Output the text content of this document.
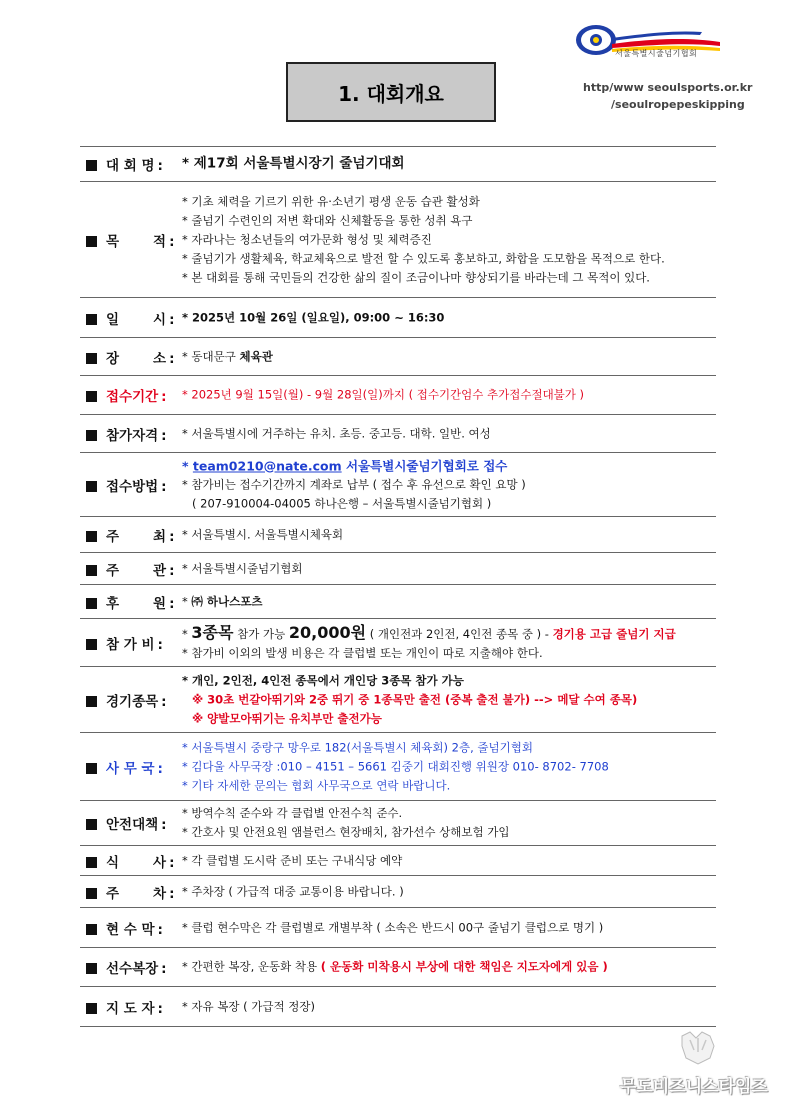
서울특별시줄넘기협회
http/www seoulsports.or.kr
/seoulropepeskipping
1. 대회개요
대 회 명 : * 제17회 서울특별시장기 줄넘기대회
목	적 :
* 기초 체력을 기르기 위한 유·소년기 평생 운동 습관 활성화
* 줄넘기 수련인의 저변 확대와 신체활동을 통한 성취 욕구
* 자라나는 청소년들의 여가문화 형성 및 체력증진
* 줄넘기가 생활체육, 학교체육으로 발전 할 수 있도록 홍보하고, 화합을 도모함을 목적으로 한다.
* 본 대회를 통해 국민들의 건강한 삶의 질이 조금이나마 향상되기를 바라는데 그 목적이 있다.
일	시 : * 2025년 10월 26일 (일요일), 09:00 ~ 16:30
장	소 : * 동대문구 체육관
접수기간 : * 2025년 9월 15일(월) - 9월 28일(일)까지 ( 접수기간엄수 추가접수절대불가 )
참가자격 : * 서울특별시에 거주하는 유치. 초등. 중고등. 대학. 일반. 여성
접수방법 :
* team0210@nate.com 서울특별시줄넘기협회로 접수
* 참가비는 접수기간까지 계좌로 납부 ( 접수 후 유선으로 확인 요망 )
( 207-910004-04005 하나은행 – 서울특별시줄넘기협회 )
주	최 : * 서울특별시. 서울특별시체육회
주	관 : * 서울특별시줄넘기협회
후	원 : * ㈜ 하나스포츠
참 가 비 :
* 3종목 참가 가능 20,000원 ( 개인전과 2인전, 4인전 종목 중 ) - 경기용 고급 줄넘기 지급
* 참가비 이외의 발생 비용은 각 클럽별 또는 개인이 따로 지출해야 한다.
경기종목 :
* 개인, 2인전, 4인전 종목에서 개인당 3종목 참가 가능
※ 30초 번갈아뛰기와 2중 뛰기 중 1종목만 출전 (중복 출전 불가) --> 메달 수여 종목)
※ 양발모아뛰기는 유치부만 출전가능
사 무 국 :
* 서울특별시 중랑구 망우로 182(서울특별시 체육회) 2층, 줄넘기협회
* 김다울 사무국장 :010 – 4151 – 5661 김중기 대회진행 위원장 010- 8702- 7708
* 기타 자세한 문의는 협회 사무국으로 연락 바랍니다.
안전대책 :
* 방역수칙 준수와 각 클럽별 안전수칙 준수.
* 간호사 및 안전요원 앰블런스 현장배치, 참가선수 상해보험 가입
식	사 : * 각 클럽별 도시락 준비 또는 구내식당 예약
주	차 : * 주차장 ( 가급적 대중 교통이용 바랍니다. )
현 수 막 : * 클럽 현수막은 각 클럽별로 개별부착 ( 소속은 반드시 00구 줄넘기 클럽으로 명기 )
선수복장 : * 간편한 복장, 운동화 착용 ( 운동화 미착용시 부상에 대한 책임은 지도자에게 있음 )
지 도 자 : * 자유 복장 ( 가급적 정장)
무도비즈니스타임즈
